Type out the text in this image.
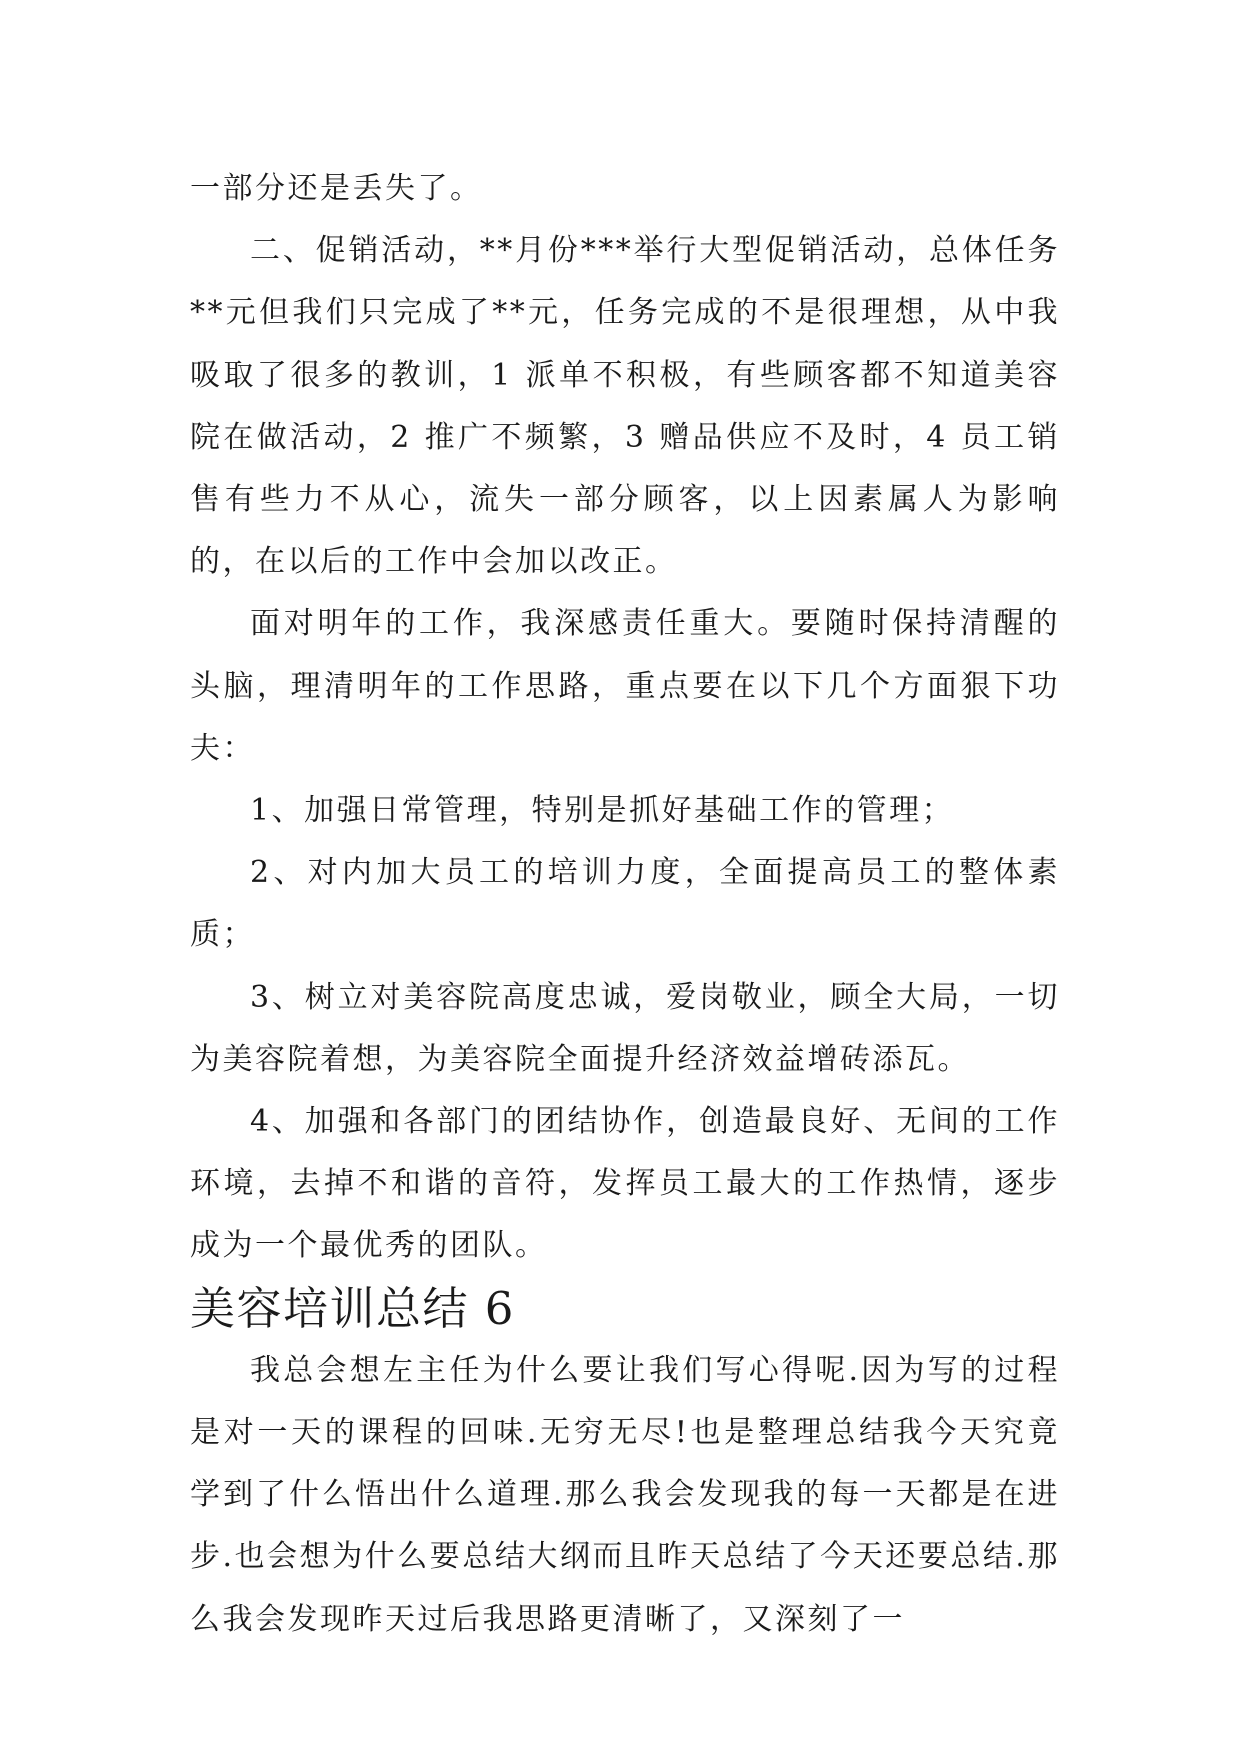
一部分还是丢失了。

二、促销活动，**月份***举行大型促销活动，总体任务**元但我们只完成了**元，任务完成的不是很理想，从中我吸取了很多的教训，1 派单不积极，有些顾客都不知道美容院在做活动，2 推广不频繁，3 赠品供应不及时，4 员工销售有些力不从心，流失一部分顾客，以上因素属人为影响的，在以后的工作中会加以改正。

面对明年的工作，我深感责任重大。要随时保持清醒的头脑，理清明年的工作思路，重点要在以下几个方面狠下功夫：

1、加强日常管理，特别是抓好基础工作的管理；

2、对内加大员工的培训力度，全面提高员工的整体素质；

3、树立对美容院高度忠诚，爱岗敬业，顾全大局，一切为美容院着想，为美容院全面提升经济效益增砖添瓦。

4、加强和各部门的团结协作，创造最良好、无间的工作环境，去掉不和谐的音符，发挥员工最大的工作热情，逐步成为一个最优秀的团队。

美容培训总结 6

我总会想左主任为什么要让我们写心得呢.因为写的过程是对一天的课程的回味.无穷无尽!也是整理总结我今天究竟学到了什么悟出什么道理.那么我会发现我的每一天都是在进步.也会想为什么要总结大纲而且昨天总结了今天还要总结.那么我会发现昨天过后我思路更清晰了，又深刻了一
